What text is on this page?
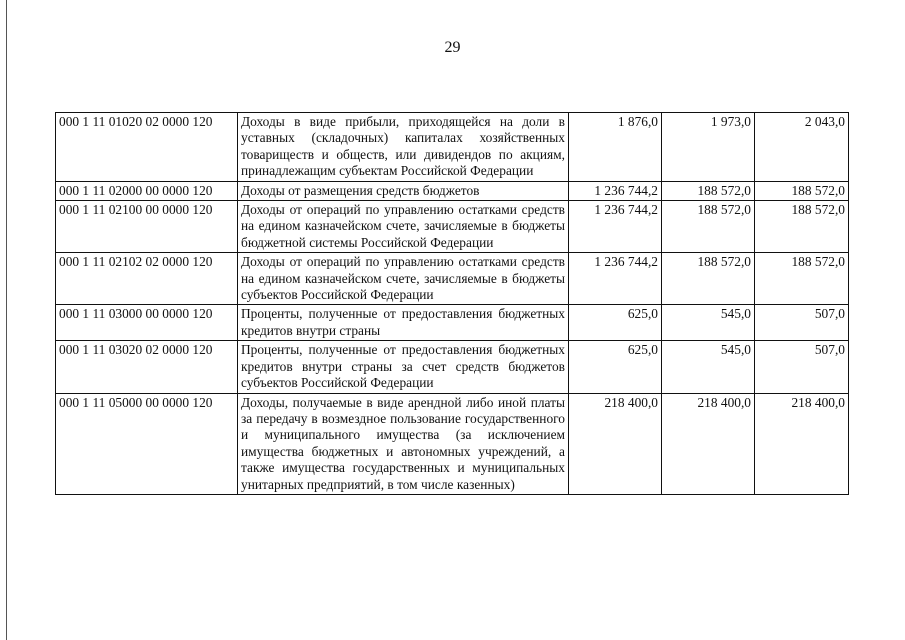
29
000 1 11 01020 02 0000 120	Доходы в виде прибыли, приходящейся на доли в уставных (складочных) капиталах хозяйственных товариществ и обществ, или дивидендов по акциям, принадлежащим субъектам Российской Федерации	1 876,0	1 973,0	2 043,0
000 1 11 02000 00 0000 120	Доходы от размещения средств бюджетов	1 236 744,2	188 572,0	188 572,0
000 1 11 02100 00 0000 120	Доходы от операций по управлению остатками средств на едином казначейском счете, зачисляемые в бюджеты бюджетной системы Российской Федерации	1 236 744,2	188 572,0	188 572,0
000 1 11 02102 02 0000 120	Доходы от операций по управлению остатками средств на едином казначейском счете, зачисляемые в бюджеты субъектов Российской Федерации	1 236 744,2	188 572,0	188 572,0
000 1 11 03000 00 0000 120	Проценты, полученные от предоставления бюджетных кредитов внутри страны	625,0	545,0	507,0
000 1 11 03020 02 0000 120	Проценты, полученные от предоставления бюджетных кредитов внутри страны за счет средств бюджетов субъектов Российской Федерации	625,0	545,0	507,0
000 1 11 05000 00 0000 120	Доходы, получаемые в виде арендной либо иной платы за передачу в возмездное пользование государственного и муниципального имущества (за исключением имущества бюджетных и автономных учреждений, а также имущества государственных и муниципальных унитарных предприятий, в том числе казенных)	218 400,0	218 400,0	218 400,0
